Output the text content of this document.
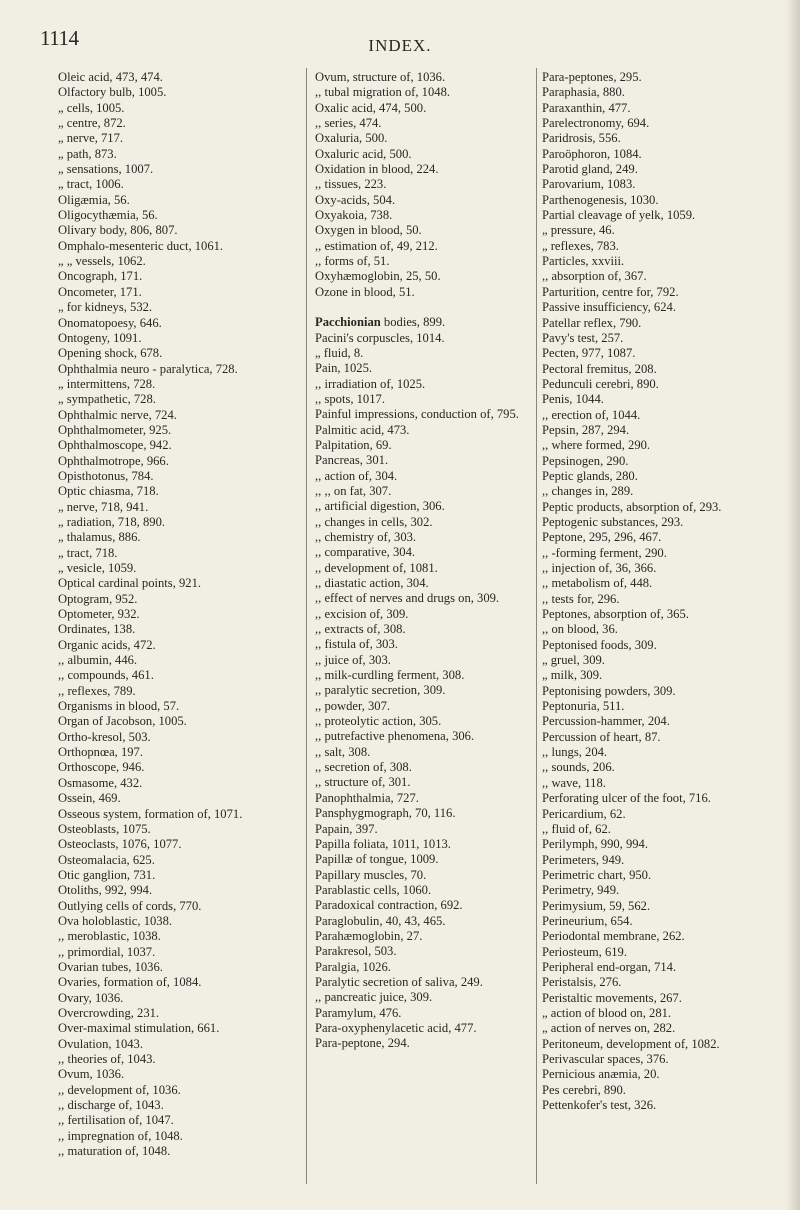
1114	INDEX.
Oleic acid, 473, 474.
Olfactory bulb, 1005.
„ cells, 1005.
„ centre, 872.
„ nerve, 717.
„ path, 873.
„ sensations, 1007.
„ tract, 1006.
Oligæmia, 56.
Oligocythæmia, 56.
Olivary body, 806, 807.
Omphalo-mesenteric duct, 1061.
„ „ vessels, 1062.
Oncograph, 171.
Oncometer, 171.
„ for kidneys, 532.
Onomatopoesy, 646.
Ontogeny, 1091.
Opening shock, 678.
Ophthalmia neuro - paralytica, 728.
„ intermittens, 728.
„ sympathetic, 728.
Ophthalmic nerve, 724.
Ophthalmometer, 925.
Ophthalmoscope, 942.
Ophthalmotrope, 966.
Opisthotonus, 784.
Optic chiasma, 718.
„ nerve, 718, 941.
„ radiation, 718, 890.
„ thalamus, 886.
„ tract, 718.
„ vesicle, 1059.
Optical cardinal points, 921.
Optogram, 952.
Optometer, 932.
Ordinates, 138.
Organic acids, 472.
,, albumin, 446.
,, compounds, 461.
,, reflexes, 789.
Organisms in blood, 57.
Organ of Jacobson, 1005.
Ortho-kresol, 503.
Orthopnœa, 197.
Orthoscope, 946.
Osmasome, 432.
Ossein, 469.
Osseous system, formation of, 1071.
Osteoblasts, 1075.
Osteoclasts, 1076, 1077.
Osteomalacia, 625.
Otic ganglion, 731.
Otoliths, 992, 994.
Outlying cells of cords, 770.
Ova holoblastic, 1038.
,, meroblastic, 1038.
,, primordial, 1037.
Ovarian tubes, 1036.
Ovaries, formation of, 1084.
Ovary, 1036.
Overcrowding, 231.
Over-maximal stimulation, 661.
Ovulation, 1043.
,, theories of, 1043.
Ovum, 1036.
,, development of, 1036.
,, discharge of, 1043.
,, fertilisation of, 1047.
,, impregnation of, 1048.
,, maturation of, 1048.
Ovum, structure of, 1036.
,, tubal migration of, 1048.
Oxalic acid, 474, 500.
,, series, 474.
Oxaluria, 500.
Oxaluric acid, 500.
Oxidation in blood, 224.
,, tissues, 223.
Oxy-acids, 504.
Oxyakoia, 738.
Oxygen in blood, 50.
,, estimation of, 49, 212.
,, forms of, 51.
Oxyhæmoglobin, 25, 50.
Ozone in blood, 51.
Pacchionian bodies, 899.
Pacini's corpuscles, 1014.
„ fluid, 8.
Pain, 1025.
,, irradiation of, 1025.
,, spots, 1017.
Painful impressions, conduction of, 795.
Palmitic acid, 473.
Palpitation, 69.
Pancreas, 301.
,, action of, 304.
,, ,, on fat, 307.
,, artificial digestion, 306.
,, changes in cells, 302.
,, chemistry of, 303.
,, comparative, 304.
,, development of, 1081.
,, diastatic action, 304.
,, effect of nerves and drugs on, 309.
,, excision of, 309.
,, extracts of, 308.
,, fistula of, 303.
,, juice of, 303.
,, milk-curdling ferment, 308.
,, paralytic secretion, 309.
,, powder, 307.
,, proteolytic action, 305.
,, putrefactive phenomena, 306.
,, salt, 308.
,, secretion of, 308.
,, structure of, 301.
Panophthalmia, 727.
Pansphygmograph, 70, 116.
Papain, 397.
Papilla foliata, 1011, 1013.
Papillæ of tongue, 1009.
Papillary muscles, 70.
Parablastic cells, 1060.
Paradoxical contraction, 692.
Paraglobulin, 40, 43, 465.
Parahæmoglobin, 27.
Parakresol, 503.
Paralgia, 1026.
Paralytic secretion of saliva, 249.
,, pancreatic juice, 309.
Paramylum, 476.
Para-oxyphenylacetic acid, 477.
Para-peptone, 294.
Para-peptones, 295.
Paraphasia, 880.
Paraxanthin, 477.
Parelectronomy, 694.
Paridrosis, 556.
Paroöphoron, 1084.
Parotid gland, 249.
Parovarium, 1083.
Parthenogenesis, 1030.
Partial cleavage of yelk, 1059.
„ pressure, 46.
„ reflexes, 783.
Particles, xxviii.
,, absorption of, 367.
Parturition, centre for, 792.
Passive insufficiency, 624.
Patellar reflex, 790.
Pavy's test, 257.
Pecten, 977, 1087.
Pectoral fremitus, 208.
Pedunculi cerebri, 890.
Penis, 1044.
,, erection of, 1044.
Pepsin, 287, 294.
,, where formed, 290.
Pepsinogen, 290.
Peptic glands, 280.
,, changes in, 289.
Peptic products, absorption of, 293.
Peptogenic substances, 293.
Peptone, 295, 296, 467.
,, -forming ferment, 290.
,, injection of, 36, 366.
,, metabolism of, 448.
,, tests for, 296.
Peptones, absorption of, 365.
,, on blood, 36.
Peptonised foods, 309.
„ gruel, 309.
„ milk, 309.
Peptonising powders, 309.
Peptonuria, 511.
Percussion-hammer, 204.
Percussion of heart, 87.
,, lungs, 204.
,, sounds, 206.
,, wave, 118.
Perforating ulcer of the foot, 716.
Pericardium, 62.
,, fluid of, 62.
Perilymph, 990, 994.
Perimeters, 949.
Perimetric chart, 950.
Perimetry, 949.
Perimysium, 59, 562.
Perineurium, 654.
Periodontal membrane, 262.
Periosteum, 619.
Peripheral end-organ, 714.
Peristalsis, 276.
Peristaltic movements, 267.
„ action of blood on, 281.
„ action of nerves on, 282.
Peritoneum, development of, 1082.
Perivascular spaces, 376.
Pernicious anæmia, 20.
Pes cerebri, 890.
Pettenkofer's test, 326.
